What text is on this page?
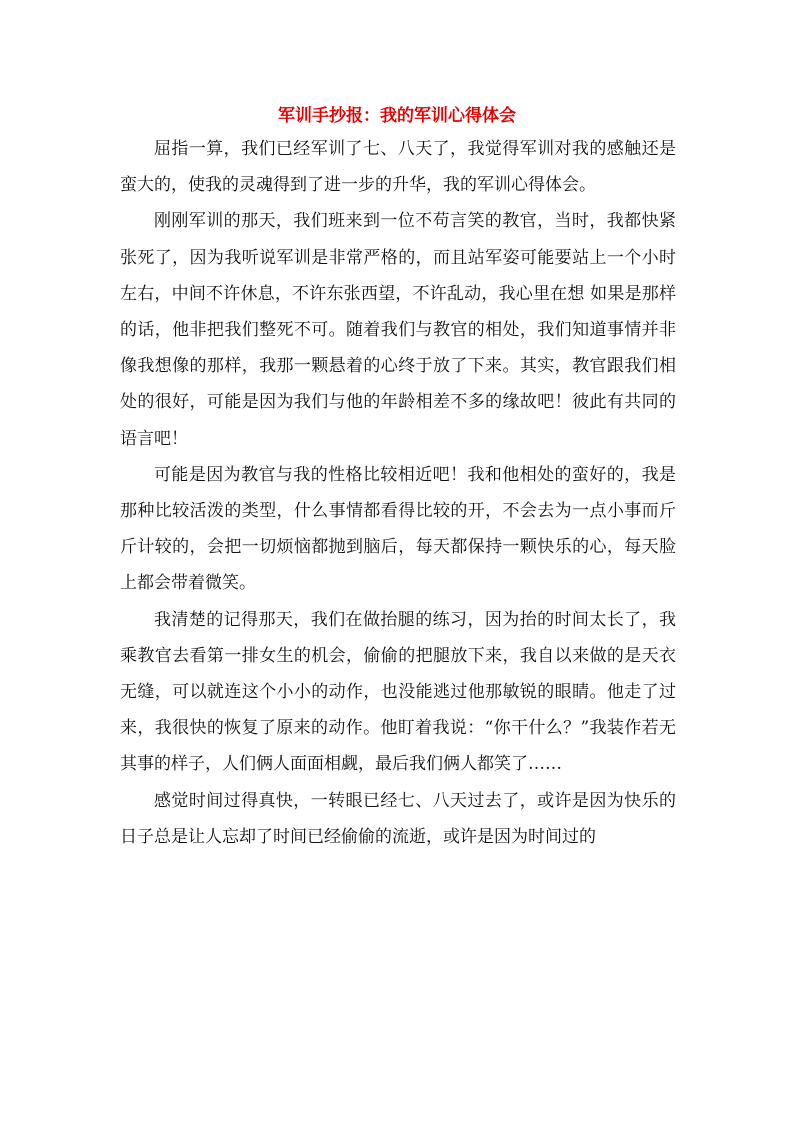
军训手抄报：我的军训心得体会

屈指一算，我们已经军训了七、八天了，我觉得军训对我的感触还是蛮大的，使我的灵魂得到了进一步的升华，我的军训心得体会。

刚刚军训的那天，我们班来到一位不苟言笑的教官，当时，我都快紧张死了，因为我听说军训是非常严格的，而且站军姿可能要站上一个小时左右，中间不许休息，不许东张西望，不许乱动，我心里在想 如果是那样的话，他非把我们整死不可。随着我们与教官的相处，我们知道事情并非像我想像的那样，我那一颗悬着的心终于放了下来。其实，教官跟我们相处的很好，可能是因为我们与他的年龄相差不多的缘故吧！彼此有共同的语言吧！

可能是因为教官与我的性格比较相近吧！我和他相处的蛮好的，我是那种比较活泼的类型，什么事情都看得比较的开，不会去为一点小事而斤斤计较的，会把一切烦恼都抛到脑后，每天都保持一颗快乐的心，每天脸上都会带着微笑。

我清楚的记得那天，我们在做抬腿的练习，因为抬的时间太长了，我乘教官去看第一排女生的机会，偷偷的把腿放下来，我自以来做的是天衣无缝，可以就连这个小小的动作，也没能逃过他那敏锐的眼睛。他走了过来，我很快的恢复了原来的动作。他盯着我说：“你干什么？”我装作若无其事的样子，人们俩人面面相觑，最后我们俩人都笑了……

感觉时间过得真快，一转眼已经七、八天过去了，或许是因为快乐的日子总是让人忘却了时间已经偷偷的流逝，或许是因为时间过的
